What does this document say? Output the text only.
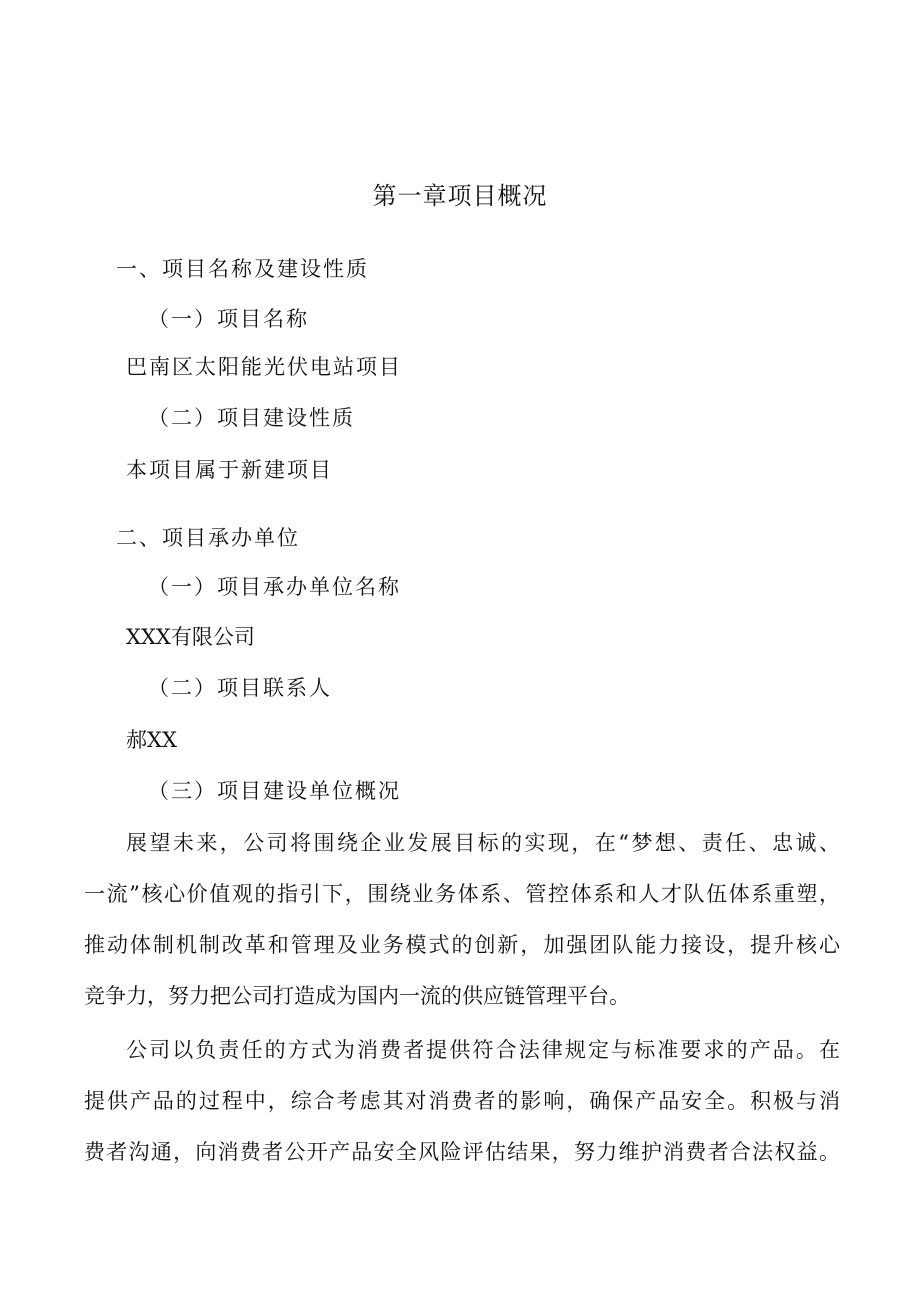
第一章项目概况
一、项目名称及建设性质
（一）项目名称
巴南区太阳能光伏电站项目
（二）项目建设性质
本项目属于新建项目
二、项目承办单位
（一）项目承办单位名称
XXX有限公司
（二）项目联系人
郝XX
（三）项目建设单位概况
展望未来，公司将围绕企业发展目标的实现，在“梦想、责任、忠诚、
一流”核心价值观的指引下，围绕业务体系、管控体系和人才队伍体系重塑，
推动体制机制改革和管理及业务模式的创新，加强团队能力接设，提升核心
竞争力，努力把公司打造成为国内一流的供应链管理平台。
公司以负责任的方式为消费者提供符合法律规定与标准要求的产品。在
提供产品的过程中，综合考虑其对消费者的影响，确保产品安全。积极与消
费者沟通，向消费者公开产品安全风险评估结果，努力维护消费者合法权益。
